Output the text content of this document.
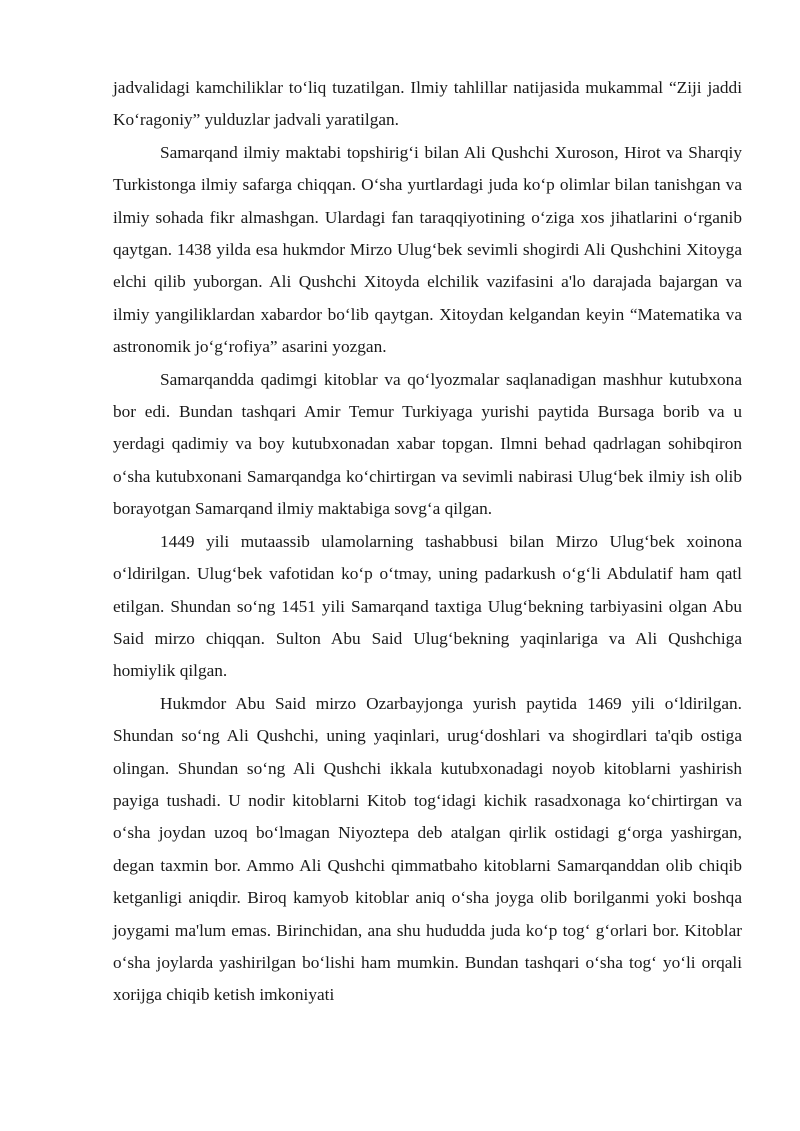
jadvalidagi kamchiliklar to‘liq tuzatilgan. Ilmiy tahlillar natijasida mukammal “Ziji jaddi Ko‘ragoniy” yulduzlar jadvali yaratilgan.

Samarqand ilmiy maktabi topshirig‘i bilan Ali Qushchi Xuroson, Hirot va Sharqiy Turkistonga ilmiy safarga chiqqan. O‘sha yurtlardagi juda ko‘p olimlar bilan tanishgan va ilmiy sohada fikr almashgan. Ulardagi fan taraqqiyotining o‘ziga xos jihatlarini o‘rganib qaytgan. 1438 yilda esa hukmdor Mirzo Ulug‘bek sevimli shogirdi Ali Qushchini Xitoyga elchi qilib yuborgan. Ali Qushchi Xitoyda elchilik vazifasini a'lo darajada bajargan va ilmiy yangiliklardan xabardor bo‘lib qaytgan. Xitoydan kelgandan keyin “Matematika va astronomik jo‘g‘rofiya” asarini yozgan.

Samarqandda qadimgi kitoblar va qo‘lyozmalar saqlanadigan mashhur kutubxona bor edi. Bundan tashqari Amir Temur Turkiyaga yurishi paytida Bursaga borib va u yerdagi qadimiy va boy kutubxonadan xabar topgan. Ilmni behad qadrlagan sohibqiron o‘sha kutubxonani Samarqandga ko‘chirtirgan va sevimli nabirasi Ulug‘bek ilmiy ish olib borayotgan Samarqand ilmiy maktabiga sovg‘a qilgan.

1449 yili mutaassib ulamolarning tashabbusi bilan Mirzo Ulug‘bek xoinona o‘ldirilgan. Ulug‘bek vafotidan ko‘p o‘tmay, uning padarkush o‘g‘li Abdulatif ham qatl etilgan. Shundan so‘ng 1451 yili Samarqand taxtiga Ulug‘bekning tarbiyasini olgan Abu Said mirzo chiqqan. Sulton Abu Said Ulug‘bekning yaqinlariga va Ali Qushchiga homiylik qilgan.

Hukmdor Abu Said mirzo Ozarbayjonga yurish paytida 1469 yili o‘ldirilgan. Shundan so‘ng Ali Qushchi, uning yaqinlari, urug‘doshlari va shogirdlari ta'qib ostiga olingan. Shundan so‘ng Ali Qushchi ikkala kutubxonadagi noyob kitoblarni yashirish payiga tushadi. U nodir kitoblarni Kitob tog‘idagi kichik rasadxonaga ko‘chirtirgan va o‘sha joydan uzoq bo‘lmagan Niyoztepa deb atalgan qirlik ostidagi g‘orga yashirgan, degan taxmin bor. Ammo Ali Qushchi qimmatbaho kitoblarni Samarqanddan olib chiqib ketganligi aniqdir. Biroq kamyob kitoblar aniq o‘sha joyga olib borilganmi yoki boshqa joygami ma'lum emas. Birinchidan, ana shu hududda juda ko‘p tog‘ g‘orlari bor. Kitoblar o‘sha joylarda yashirilgan bo‘lishi ham mumkin. Bundan tashqari o‘sha tog‘ yo‘li orqali xorijga chiqib ketish imkoniyati
